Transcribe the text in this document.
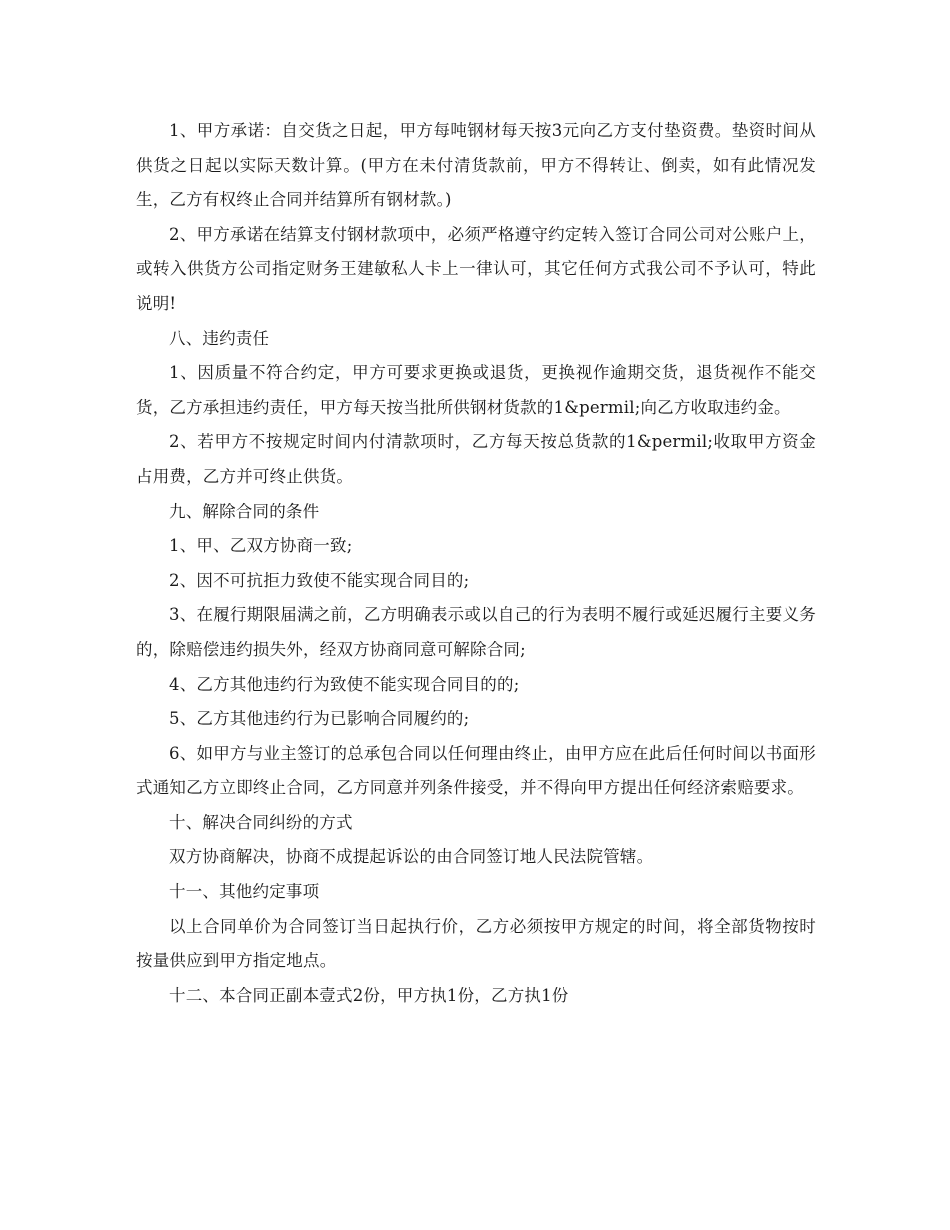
1、甲方承诺：自交货之日起，甲方每吨钢材每天按3元向乙方支付垫资费。垫资时间从供货之日起以实际天数计算。(甲方在未付清货款前，甲方不得转让、倒卖，如有此情况发生，乙方有权终止合同并结算所有钢材款。)

2、甲方承诺在结算支付钢材款项中，必须严格遵守约定转入签订合同公司对公账户上，或转入供货方公司指定财务王建敏私人卡上一律认可，其它任何方式我公司不予认可，特此说明!

八、违约责任

1、因质量不符合约定，甲方可要求更换或退货，更换视作逾期交货，退货视作不能交货，乙方承担违约责任，甲方每天按当批所供钢材货款的1&permil;向乙方收取违约金。

2、若甲方不按规定时间内付清款项时，乙方每天按总货款的1&permil;收取甲方资金占用费，乙方并可终止供货。

九、解除合同的条件

1、甲、乙双方协商一致;

2、因不可抗拒力致使不能实现合同目的;

3、在履行期限届满之前，乙方明确表示或以自己的行为表明不履行或延迟履行主要义务的，除赔偿违约损失外，经双方协商同意可解除合同;

4、乙方其他违约行为致使不能实现合同目的的;

5、乙方其他违约行为已影响合同履约的;

6、如甲方与业主签订的总承包合同以任何理由终止，由甲方应在此后任何时间以书面形式通知乙方立即终止合同，乙方同意并列条件接受，并不得向甲方提出任何经济索赔要求。

十、解决合同纠纷的方式

双方协商解决，协商不成提起诉讼的由合同签订地人民法院管辖。

十一、其他约定事项

以上合同单价为合同签订当日起执行价，乙方必须按甲方规定的时间，将全部货物按时按量供应到甲方指定地点。

十二、本合同正副本壹式2份，甲方执1份，乙方执1份
